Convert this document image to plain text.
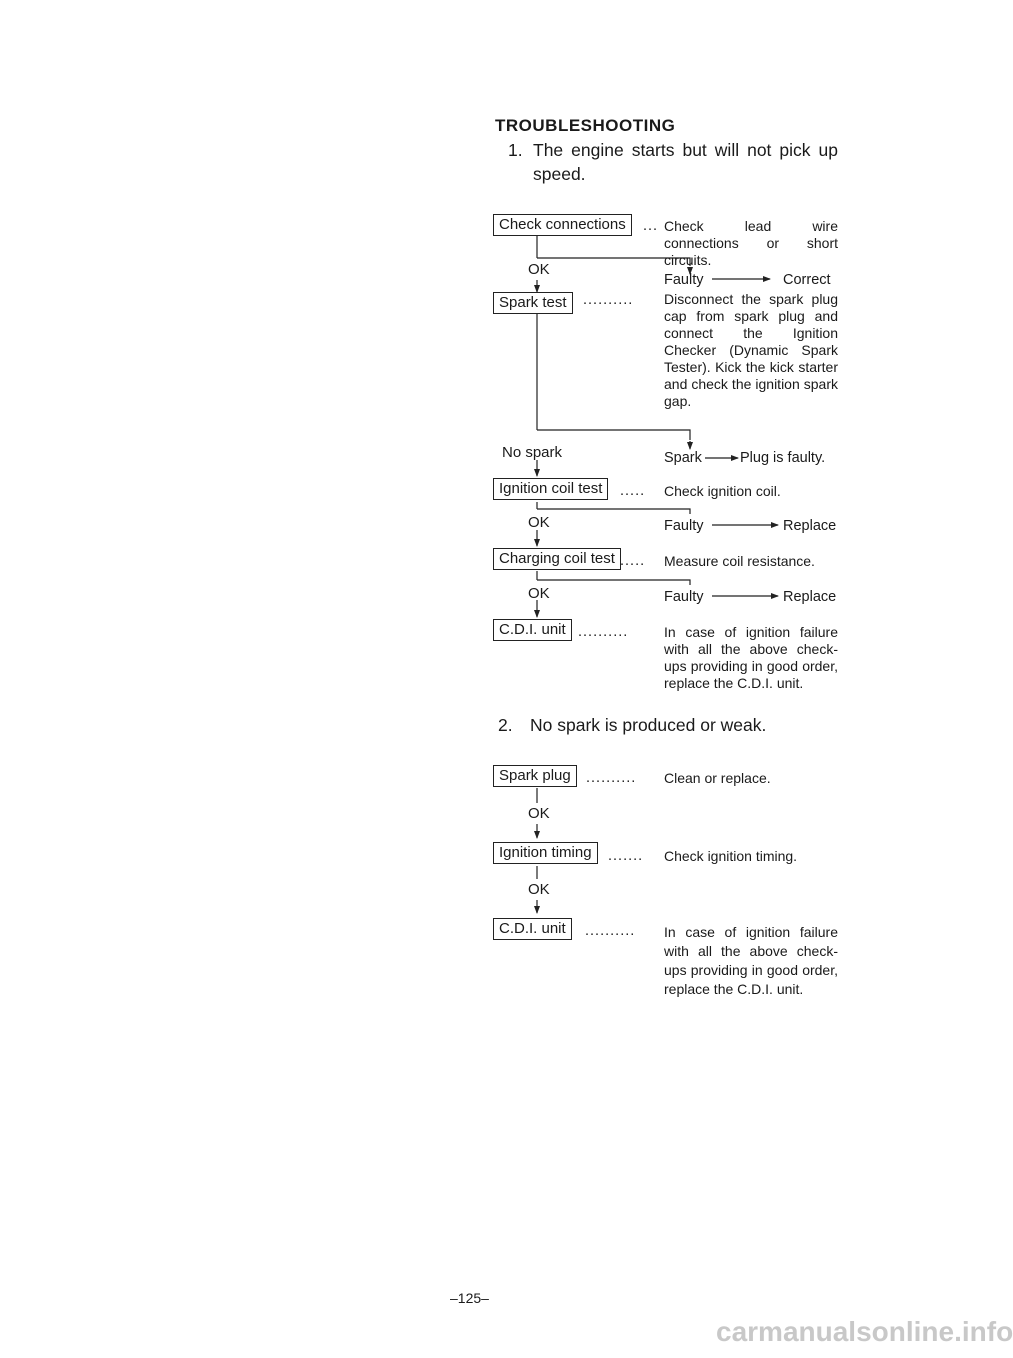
TROUBLESHOOTING
1. The engine starts but will not pick up speed.
Check connections	... Check lead wire connections or short circuits.
OK
Faulty	Correct
Spark test	.......... Disconnect the spark plug cap from spark plug and connect the Ignition Checker (Dynamic Spark Tester). Kick the kick starter and check the ignition spark gap.
No spark	Spark	Plug is faulty.
Ignition coil test	..... Check ignition coil.
OK	Faulty	Replace
Charging coil test ..... Measure coil resistance.
OK	Faulty	Replace
C.D.I. unit ..........	In case of ignition failure with all the above check-ups providing in good order, replace the C.D.I. unit.
2. No spark is produced or weak.
Spark plug	.......... Clean or replace.
OK
Ignition timing	....... Check ignition timing.
OK
C.D.I. unit	.......... In case of ignition failure with all the above check-ups providing in good order, replace the C.D.I. unit.
–125–
carmanualsonline.info
